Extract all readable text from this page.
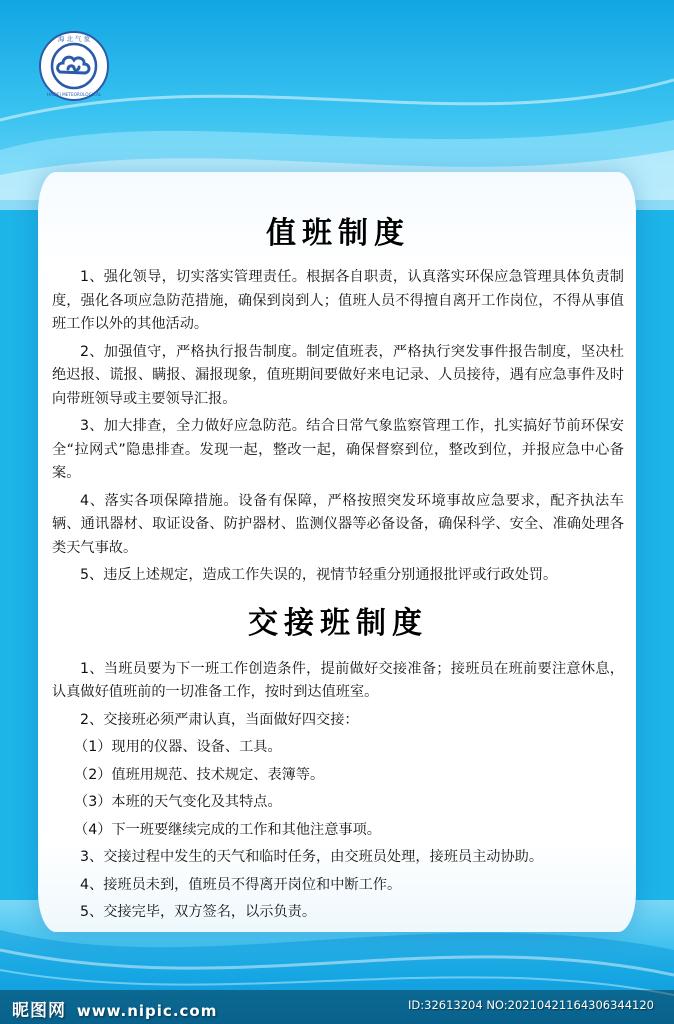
海 北 气 象
HAIBEI METEOROLOGICAL
值班制度

1、强化领导，切实落实管理责任。根据各自职责，认真落实环保应急管理具体负责制度，强化各项应急防范措施，确保到岗到人；值班人员不得擅自离开工作岗位，不得从事值班工作以外的其他活动。

2、加强值守，严格执行报告制度。制定值班表，严格执行突发事件报告制度，坚决杜绝迟报、谎报、瞒报、漏报现象，值班期间要做好来电记录、人员接待，遇有应急事件及时向带班领导或主要领导汇报。

3、加大排查，全力做好应急防范。结合日常气象监察管理工作，扎实搞好节前环保安全“拉网式”隐患排查。发现一起，整改一起，确保督察到位，整改到位，并报应急中心备案。

4、落实各项保障措施。设备有保障，严格按照突发环境事故应急要求，配齐执法车辆、通讯器材、取证设备、防护器材、监测仪器等必备设备，确保科学、安全、准确处理各类天气事故。

5、违反上述规定，造成工作失误的，视情节轻重分别通报批评或行政处罚。

交接班制度

1、当班员要为下一班工作创造条件，提前做好交接准备；接班员在班前要注意休息，认真做好值班前的一切准备工作，按时到达值班室。

2、交接班必须严肃认真，当面做好四交接：

（1）现用的仪器、设备、工具。

（2）值班用规范、技术规定、表簿等。

（3）本班的天气变化及其特点。

（4）下一班要继续完成的工作和其他注意事项。

3、交接过程中发生的天气和临时任务，由交班员处理，接班员主动协助。

4、接班员未到，值班员不得离开岗位和中断工作。

5、交接完毕，双方签名，以示负责。

昵图网 www.nipic.com	ID:32613204 NO:20210421164306344120
